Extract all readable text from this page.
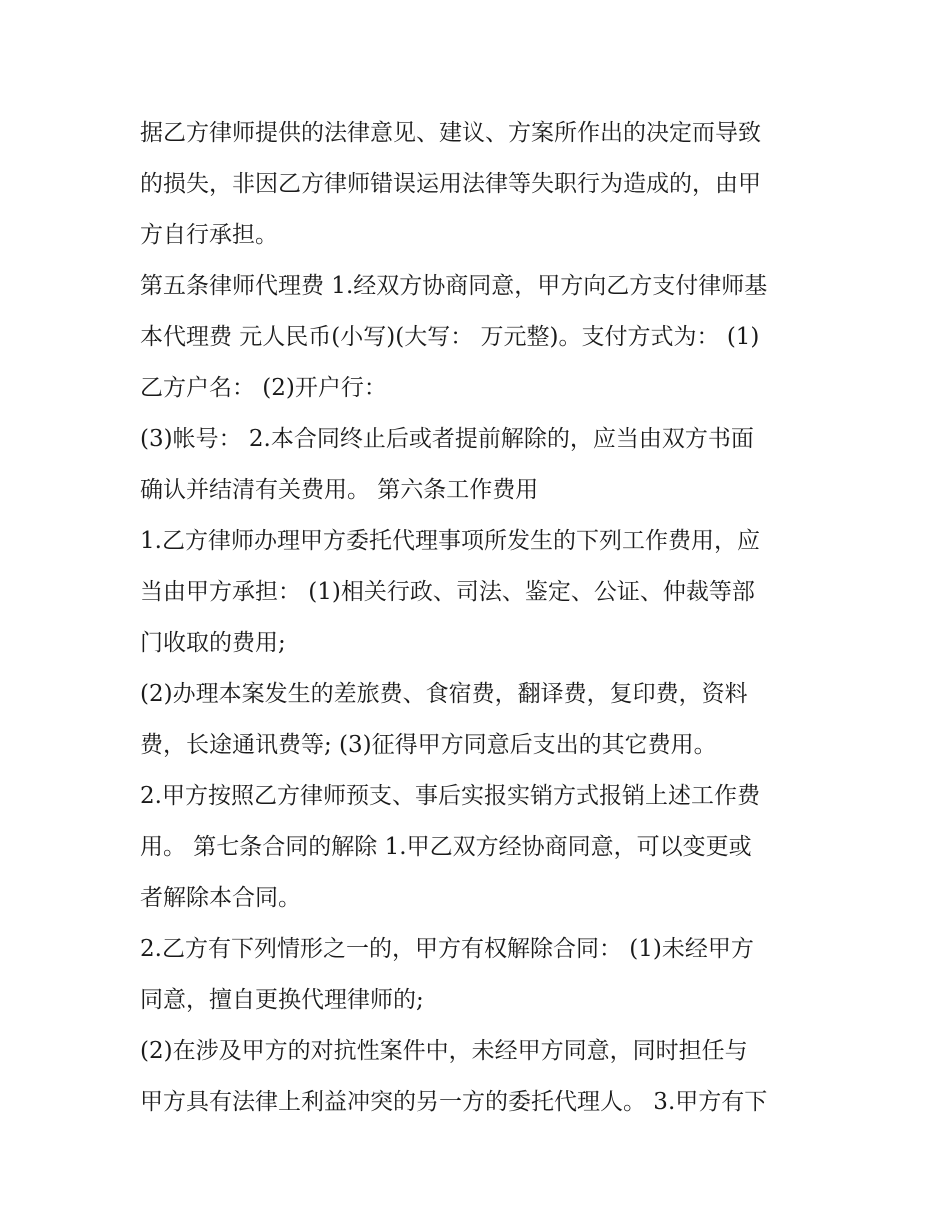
据乙方律师提供的法律意见、建议、方案所作出的决定而导致
的损失，非因乙方律师错误运用法律等失职行为造成的，由甲
方自行承担。
第五条律师代理费 1.经双方协商同意，甲方向乙方支付律师基
本代理费 元人民币(小写)(大写： 万元整)。支付方式为： (1)
乙方户名： (2)开户行：
(3)帐号： 2.本合同终止后或者提前解除的，应当由双方书面
确认并结清有关费用。 第六条工作费用
1.乙方律师办理甲方委托代理事项所发生的下列工作费用，应
当由甲方承担： (1)相关行政、司法、鉴定、公证、仲裁等部
门收取的费用;
(2)办理本案发生的差旅费、食宿费，翻译费，复印费，资料
费，长途通讯费等; (3)征得甲方同意后支出的其它费用。
2.甲方按照乙方律师预支、事后实报实销方式报销上述工作费
用。 第七条合同的解除 1.甲乙双方经协商同意，可以变更或
者解除本合同。
2.乙方有下列情形之一的，甲方有权解除合同： (1)未经甲方
同意，擅自更换代理律师的;
(2)在涉及甲方的对抗性案件中，未经甲方同意，同时担任与
甲方具有法律上利益冲突的另一方的委托代理人。 3.甲方有下
